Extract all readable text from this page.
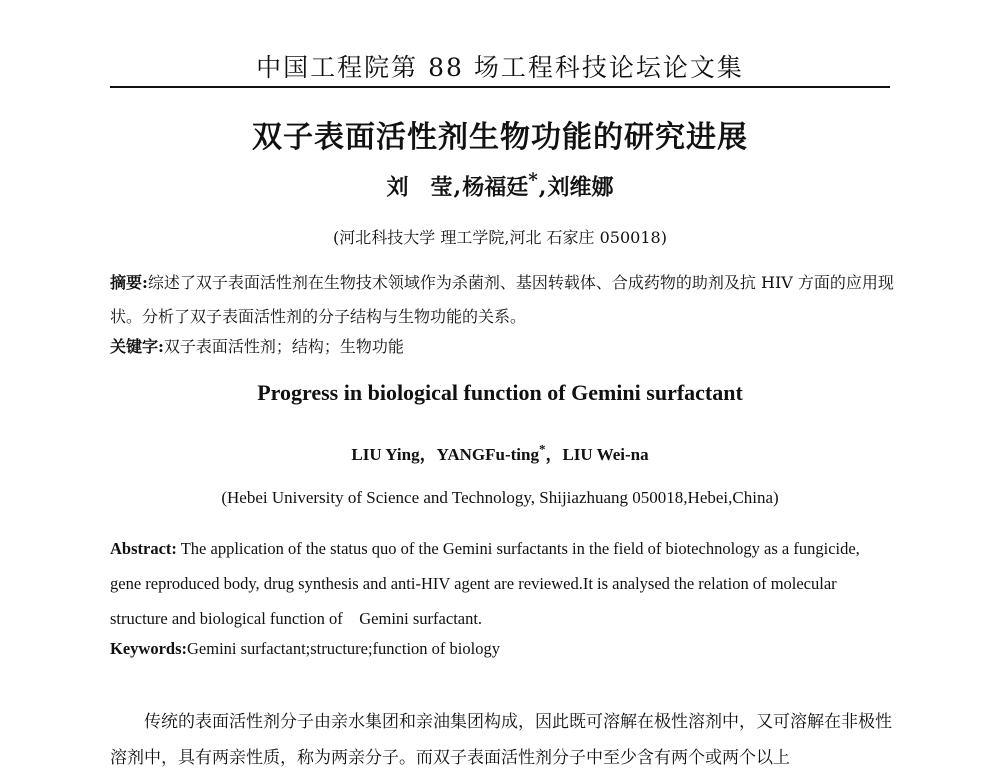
中国工程院第 88 场工程科技论坛论文集
双子表面活性剂生物功能的研究进展
刘　莹,杨福廷*,刘维娜
(河北科技大学 理工学院,河北 石家庄 050018)
摘要:综述了双子表面活性剂在生物技术领域作为杀菌剂、基因转载体、合成药物的助剂及抗 HIV 方面的应用现状。分析了双子表面活性剂的分子结构与生物功能的关系。
关键字:双子表面活性剂；结构；生物功能
Progress in biological function of Gemini surfactant
LIU Ying，YANGFu-ting*，LIU Wei-na
(Hebei University of Science and Technology, Shijiazhuang 050018,Hebei,China)
Abstract: The application of the status quo of the Gemini surfactants in the field of biotechnology as a fungicide, gene reproduced body, drug synthesis and anti-HIV agent are reviewed.It is analysed the relation of molecular structure and biological function of    Gemini surfactant.
Keywords:Gemini surfactant;structure;function of biology
传统的表面活性剂分子由亲水集团和亲油集团构成，因此既可溶解在极性溶剂中，又可溶解在非极性溶剂中，具有两亲性质，称为两亲分子。而双子表面活性剂分子中至少含有两个或两个以上
